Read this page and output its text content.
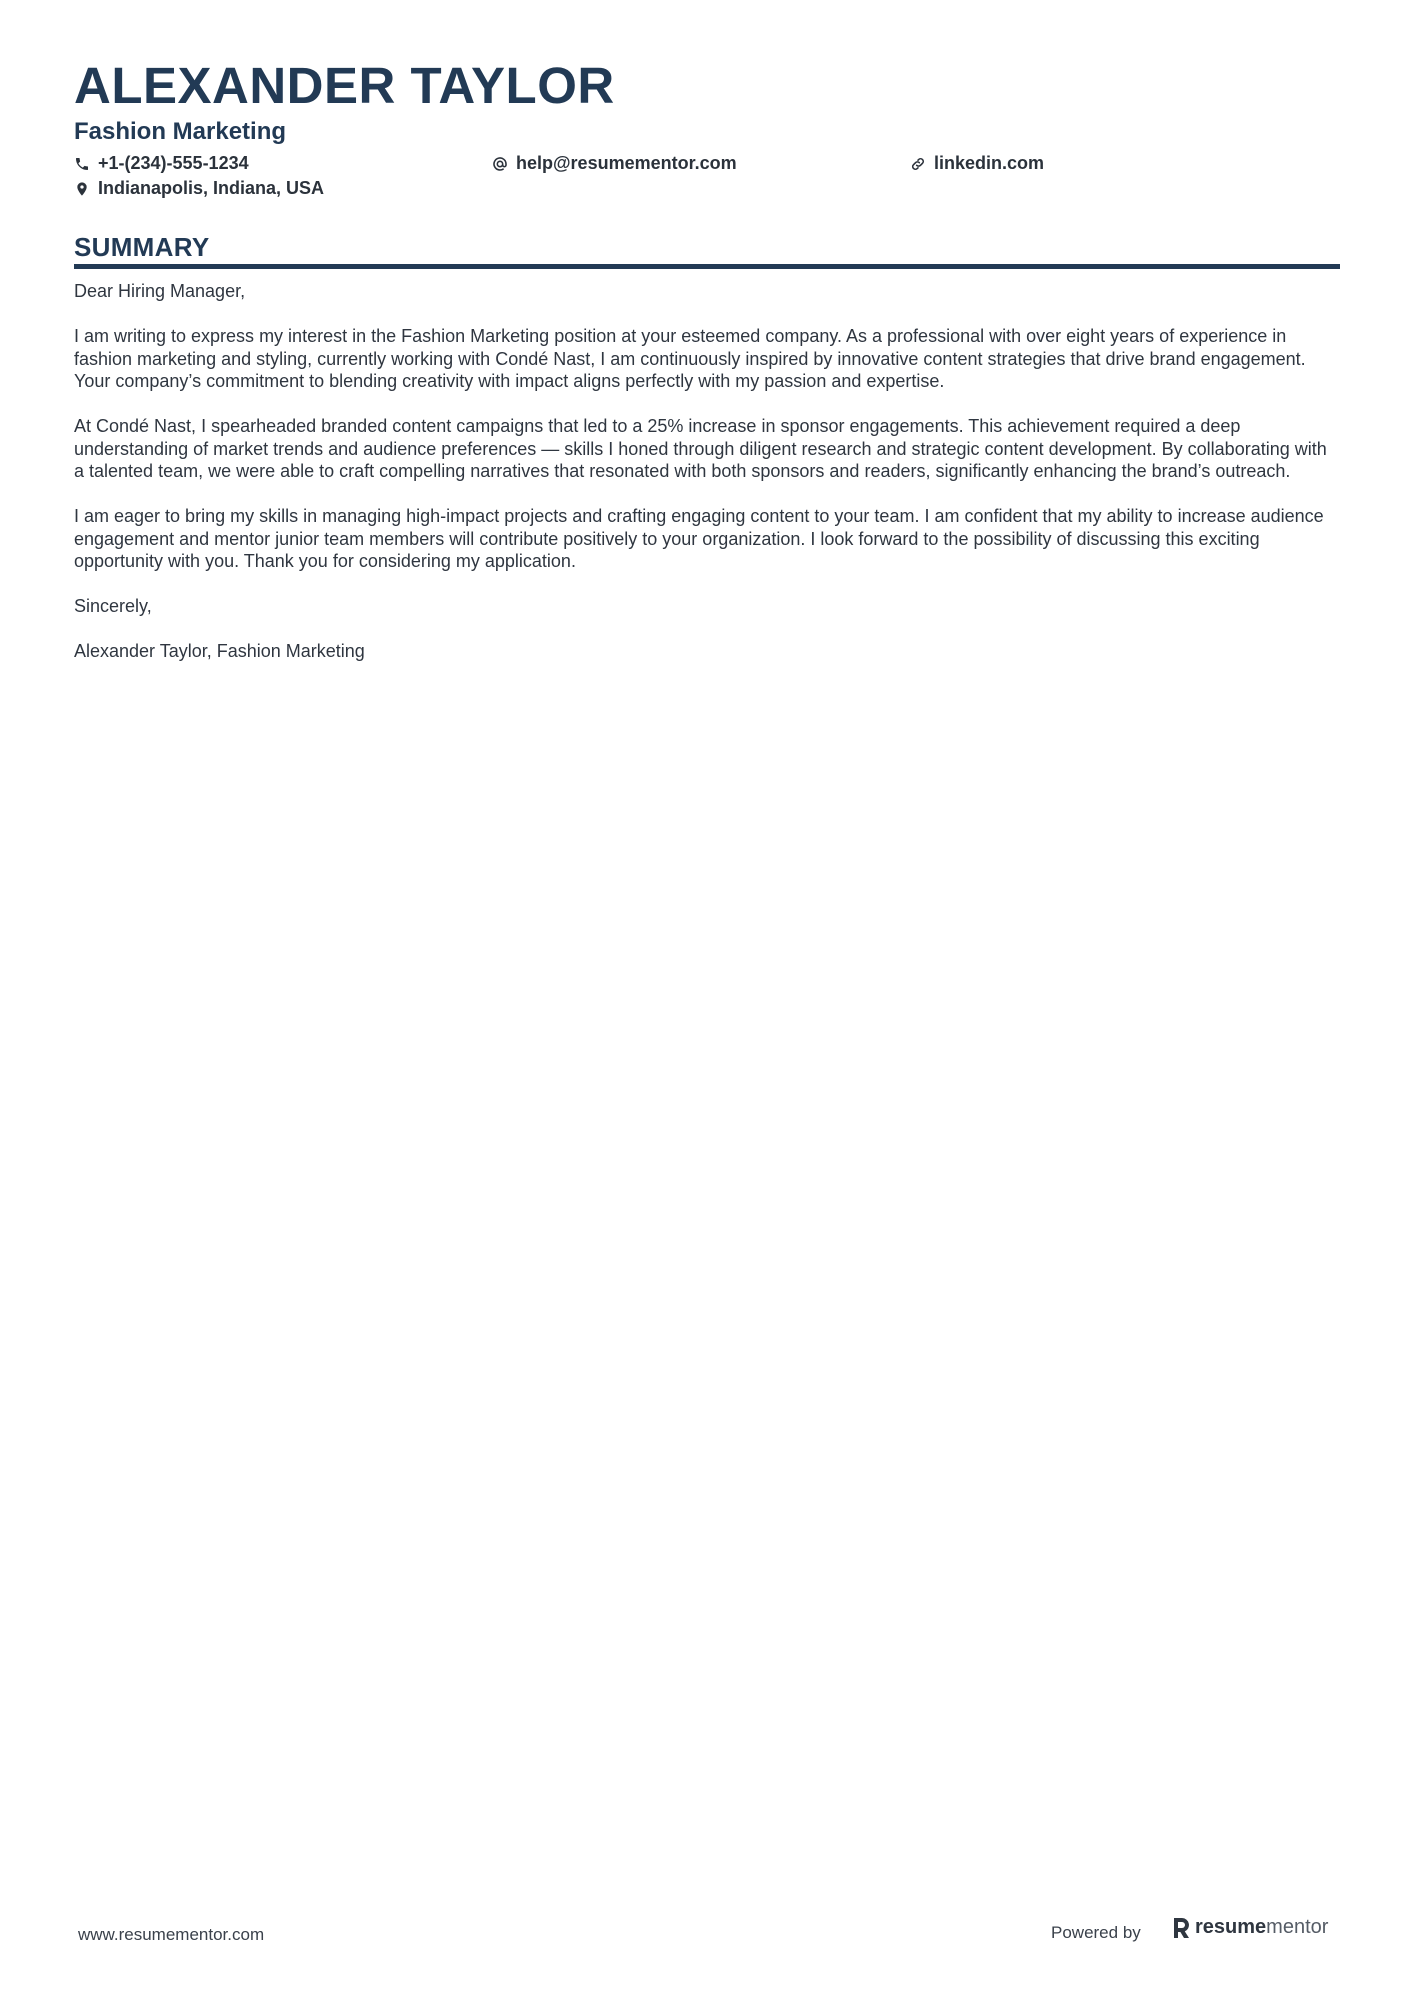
ALEXANDER TAYLOR
Fashion Marketing
+1-(234)-555-1234	help@resumementor.com	linkedin.com
Indianapolis, Indiana, USA
SUMMARY

Dear Hiring Manager,

I am writing to express my interest in the Fashion Marketing position at your esteemed company. As a professional with over eight years of experience in fashion marketing and styling, currently working with Condé Nast, I am continuously inspired by innovative content strategies that drive brand engagement. Your company’s commitment to blending creativity with impact aligns perfectly with my passion and expertise.

At Condé Nast, I spearheaded branded content campaigns that led to a 25% increase in sponsor engagements. This achievement required a deep understanding of market trends and audience preferences — skills I honed through diligent research and strategic content development. By collaborating with a talented team, we were able to craft compelling narratives that resonated with both sponsors and readers, significantly enhancing the brand’s outreach.

I am eager to bring my skills in managing high-impact projects and crafting engaging content to your team. I am confident that my ability to increase audience engagement and mentor junior team members will contribute positively to your organization. I look forward to the possibility of discussing this exciting opportunity with you. Thank you for considering my application.

Sincerely,

Alexander Taylor, Fashion Marketing

www.resumementor.com	Powered by	resumementor
